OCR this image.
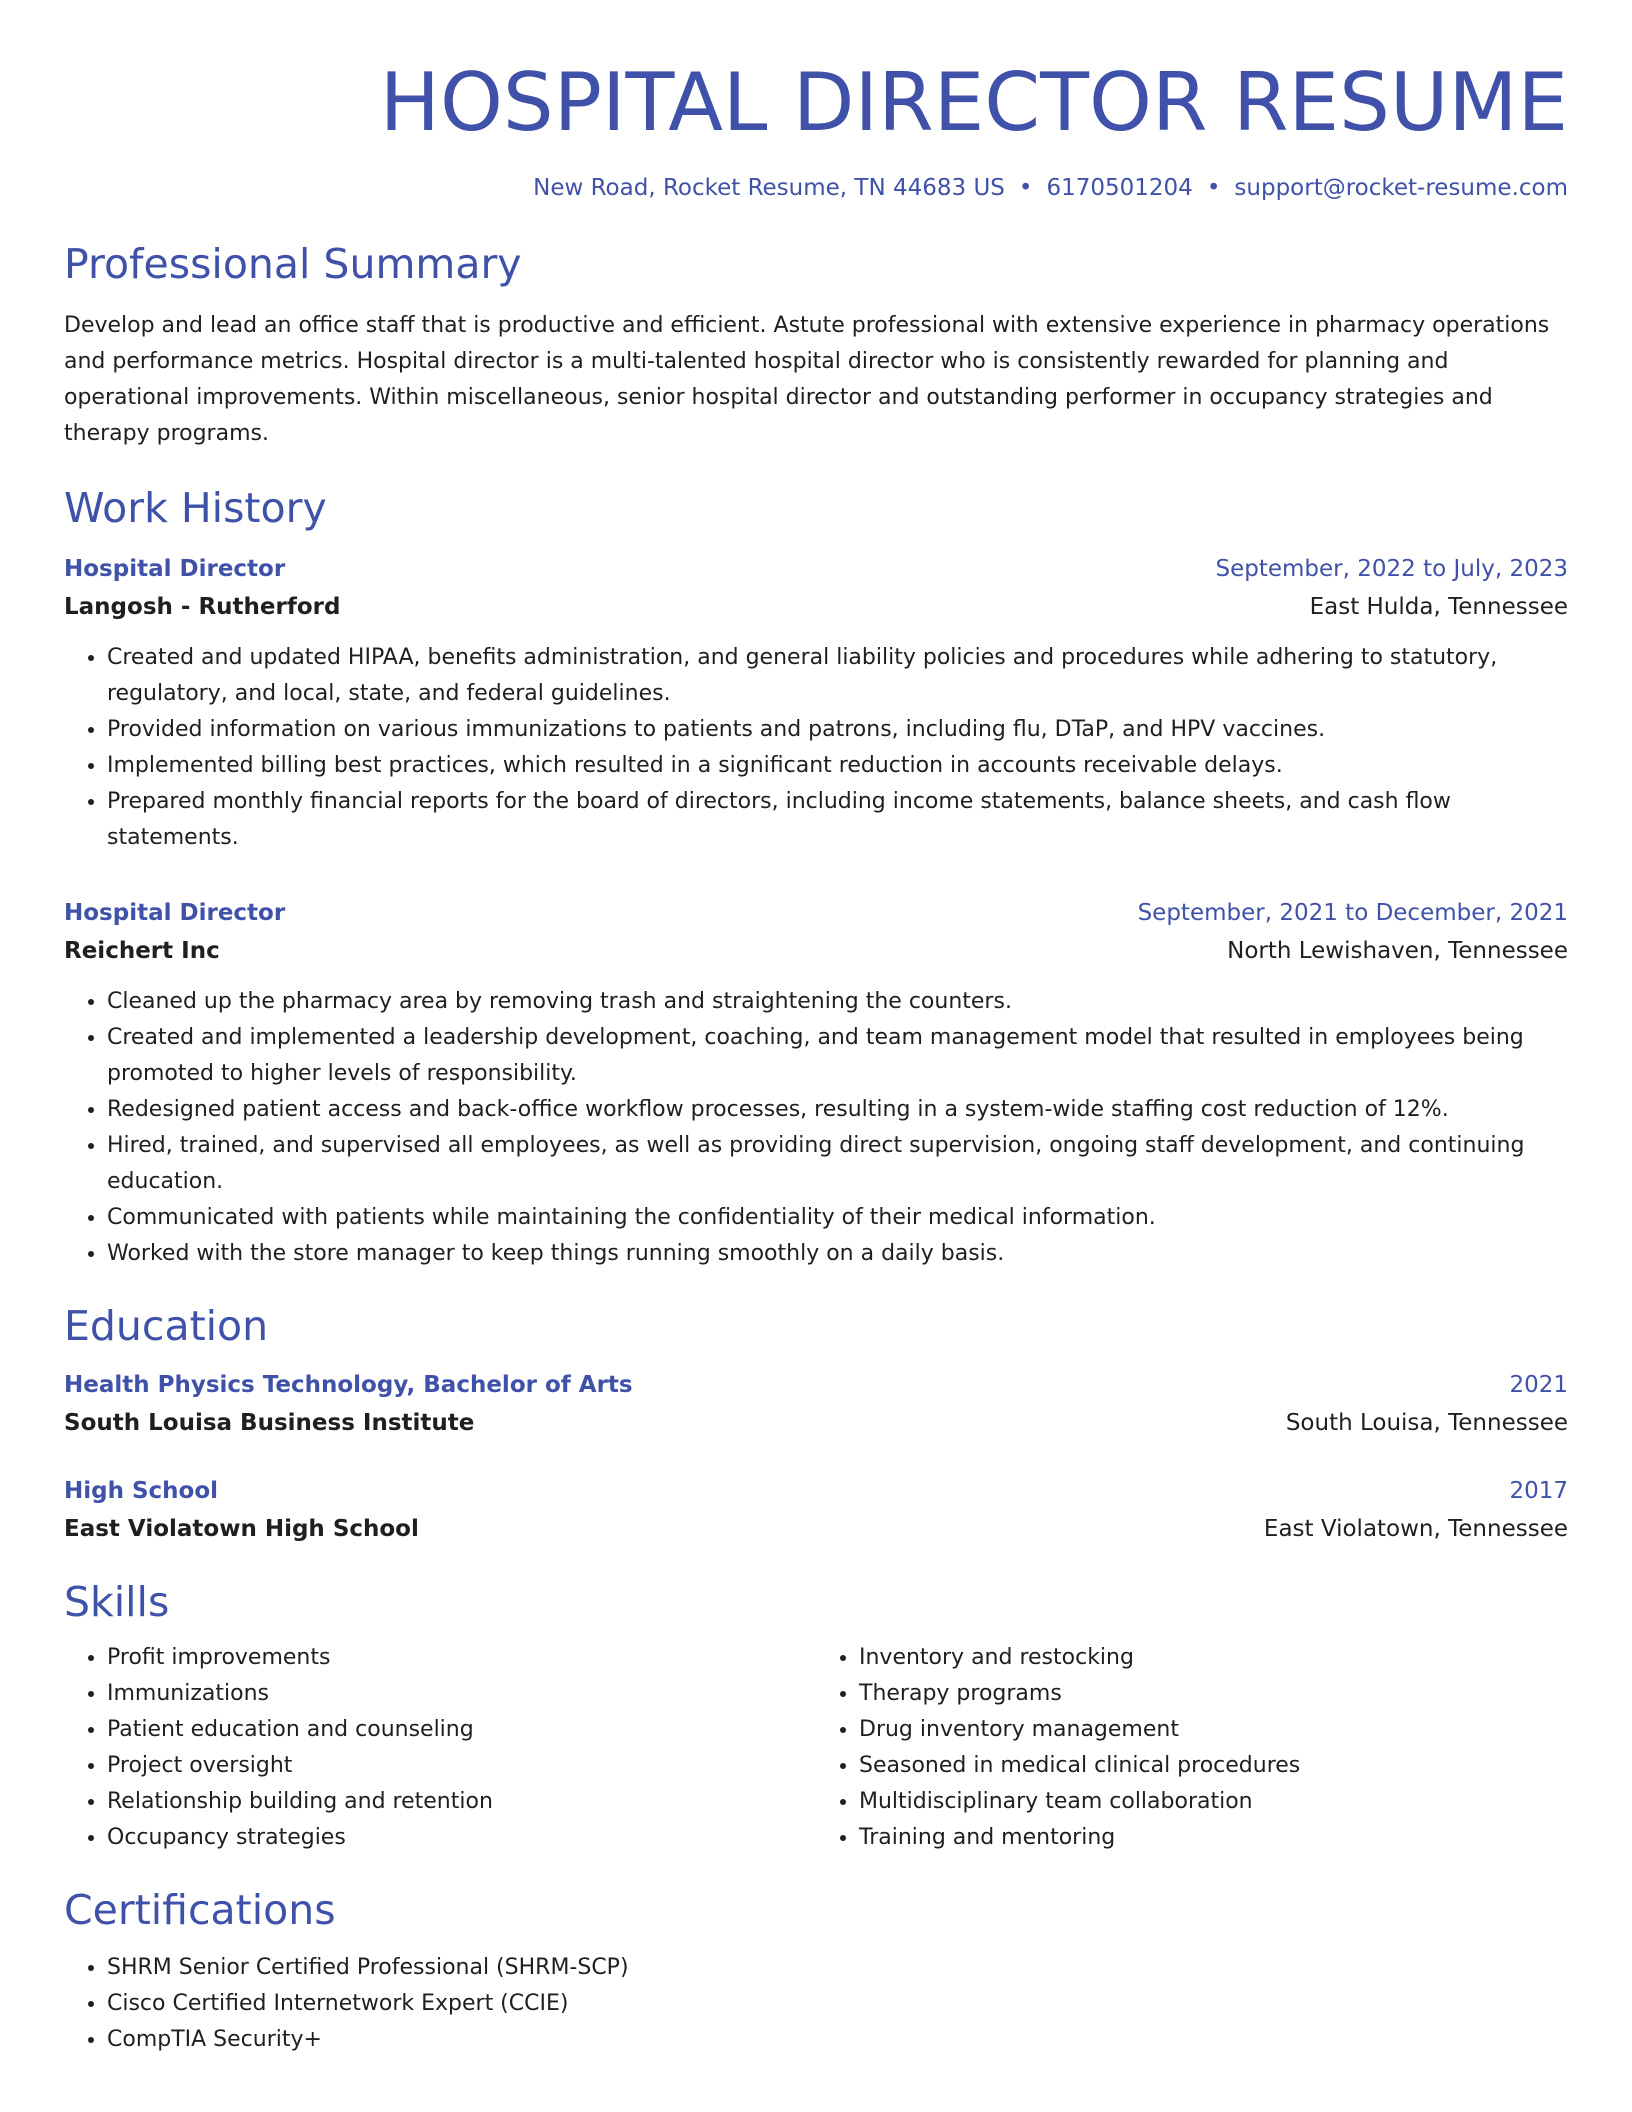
HOSPITAL DIRECTOR RESUME
New Road, Rocket Resume, TN 44683 US • 6170501204 • support@rocket-resume.com
Professional Summary
Develop and lead an office staff that is productive and efficient. Astute professional with extensive experience in pharmacy operations and performance metrics. Hospital director is a multi-talented hospital director who is consistently rewarded for planning and operational improvements. Within miscellaneous, senior hospital director and outstanding performer in occupancy strategies and therapy programs.
Work History
Hospital Director	September, 2022 to July, 2023
Langosh - Rutherford	East Hulda, Tennessee
• Created and updated HIPAA, benefits administration, and general liability policies and procedures while adhering to statutory, regulatory, and local, state, and federal guidelines.
• Provided information on various immunizations to patients and patrons, including flu, DTaP, and HPV vaccines.
• Implemented billing best practices, which resulted in a significant reduction in accounts receivable delays.
• Prepared monthly financial reports for the board of directors, including income statements, balance sheets, and cash flow statements.
Hospital Director	September, 2021 to December, 2021
Reichert Inc	North Lewishaven, Tennessee
• Cleaned up the pharmacy area by removing trash and straightening the counters.
• Created and implemented a leadership development, coaching, and team management model that resulted in employees being promoted to higher levels of responsibility.
• Redesigned patient access and back-office workflow processes, resulting in a system-wide staffing cost reduction of 12%.
• Hired, trained, and supervised all employees, as well as providing direct supervision, ongoing staff development, and continuing education.
• Communicated with patients while maintaining the confidentiality of their medical information.
• Worked with the store manager to keep things running smoothly on a daily basis.
Education
Health Physics Technology, Bachelor of Arts	2021
South Louisa Business Institute	South Louisa, Tennessee
High School	2017
East Violatown High School	East Violatown, Tennessee
Skills
• Profit improvements
• Immunizations
• Patient education and counseling
• Project oversight
• Relationship building and retention
• Occupancy strategies
• Inventory and restocking
• Therapy programs
• Drug inventory management
• Seasoned in medical clinical procedures
• Multidisciplinary team collaboration
• Training and mentoring
Certifications
• SHRM Senior Certified Professional (SHRM-SCP)
• Cisco Certified Internetwork Expert (CCIE)
• CompTIA Security+
